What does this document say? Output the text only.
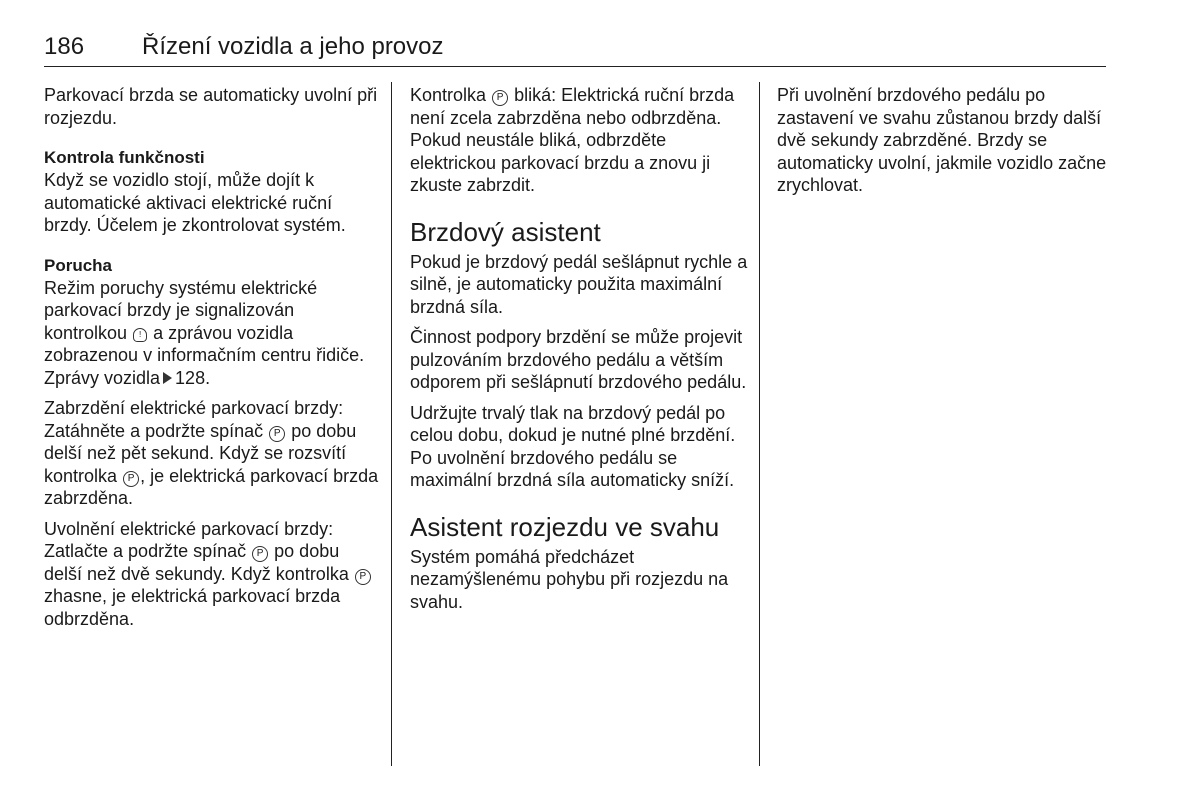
186 Řízení vozidla a jeho provoz

Parkovací brzda se automaticky uvolní při rozjezdu.

Kontrola funkčnosti

Když se vozidlo stojí, může dojít k automatické aktivaci elektrické ruční brzdy. Účelem je zkontrolovat systém.

Porucha

Režim poruchy systému elektrické parkovací brzdy je signalizován kontrolkou ! a zprávou vozidla zobrazenou v informačním centru řidiče. Zprávy vozidla 128.

Zabrzdění elektrické parkovací brzdy: Zatáhněte a podržte spínač P po dobu delší než pět sekund. Když se rozsvítí kontrolka P , je elektrická parkovací brzda zabrzděna.

Uvolnění elektrické parkovací brzdy: Zatlačte a podržte spínač P po dobu delší než dvě sekundy. Když kontrolka P zhasne, je elektrická parkovací brzda odbrzděna.

Kontrolka P bliká: Elektrická ruční brzda není zcela zabrzděna nebo odbrzděna. Pokud neustále bliká, odbrzděte elektrickou parkovací brzdu a znovu ji zkuste zabrzdit.

Brzdový asistent

Pokud je brzdový pedál sešlápnut rychle a silně, je automaticky použita maximální brzdná síla.

Činnost podpory brzdění se může projevit pulzováním brzdového pedálu a větším odporem při sešlápnutí brzdového pedálu.

Udržujte trvalý tlak na brzdový pedál po celou dobu, dokud je nutné plné brzdění. Po uvolnění brzdového pedálu se maximální brzdná síla automaticky sníží.

Asistent rozjezdu ve svahu

Systém pomáhá předcházet nezamýšlenému pohybu při rozjezdu na svahu.

Při uvolnění brzdového pedálu po zastavení ve svahu zůstanou brzdy další dvě sekundy zabrzděné. Brzdy se automaticky uvolní, jakmile vozidlo začne zrychlovat.
